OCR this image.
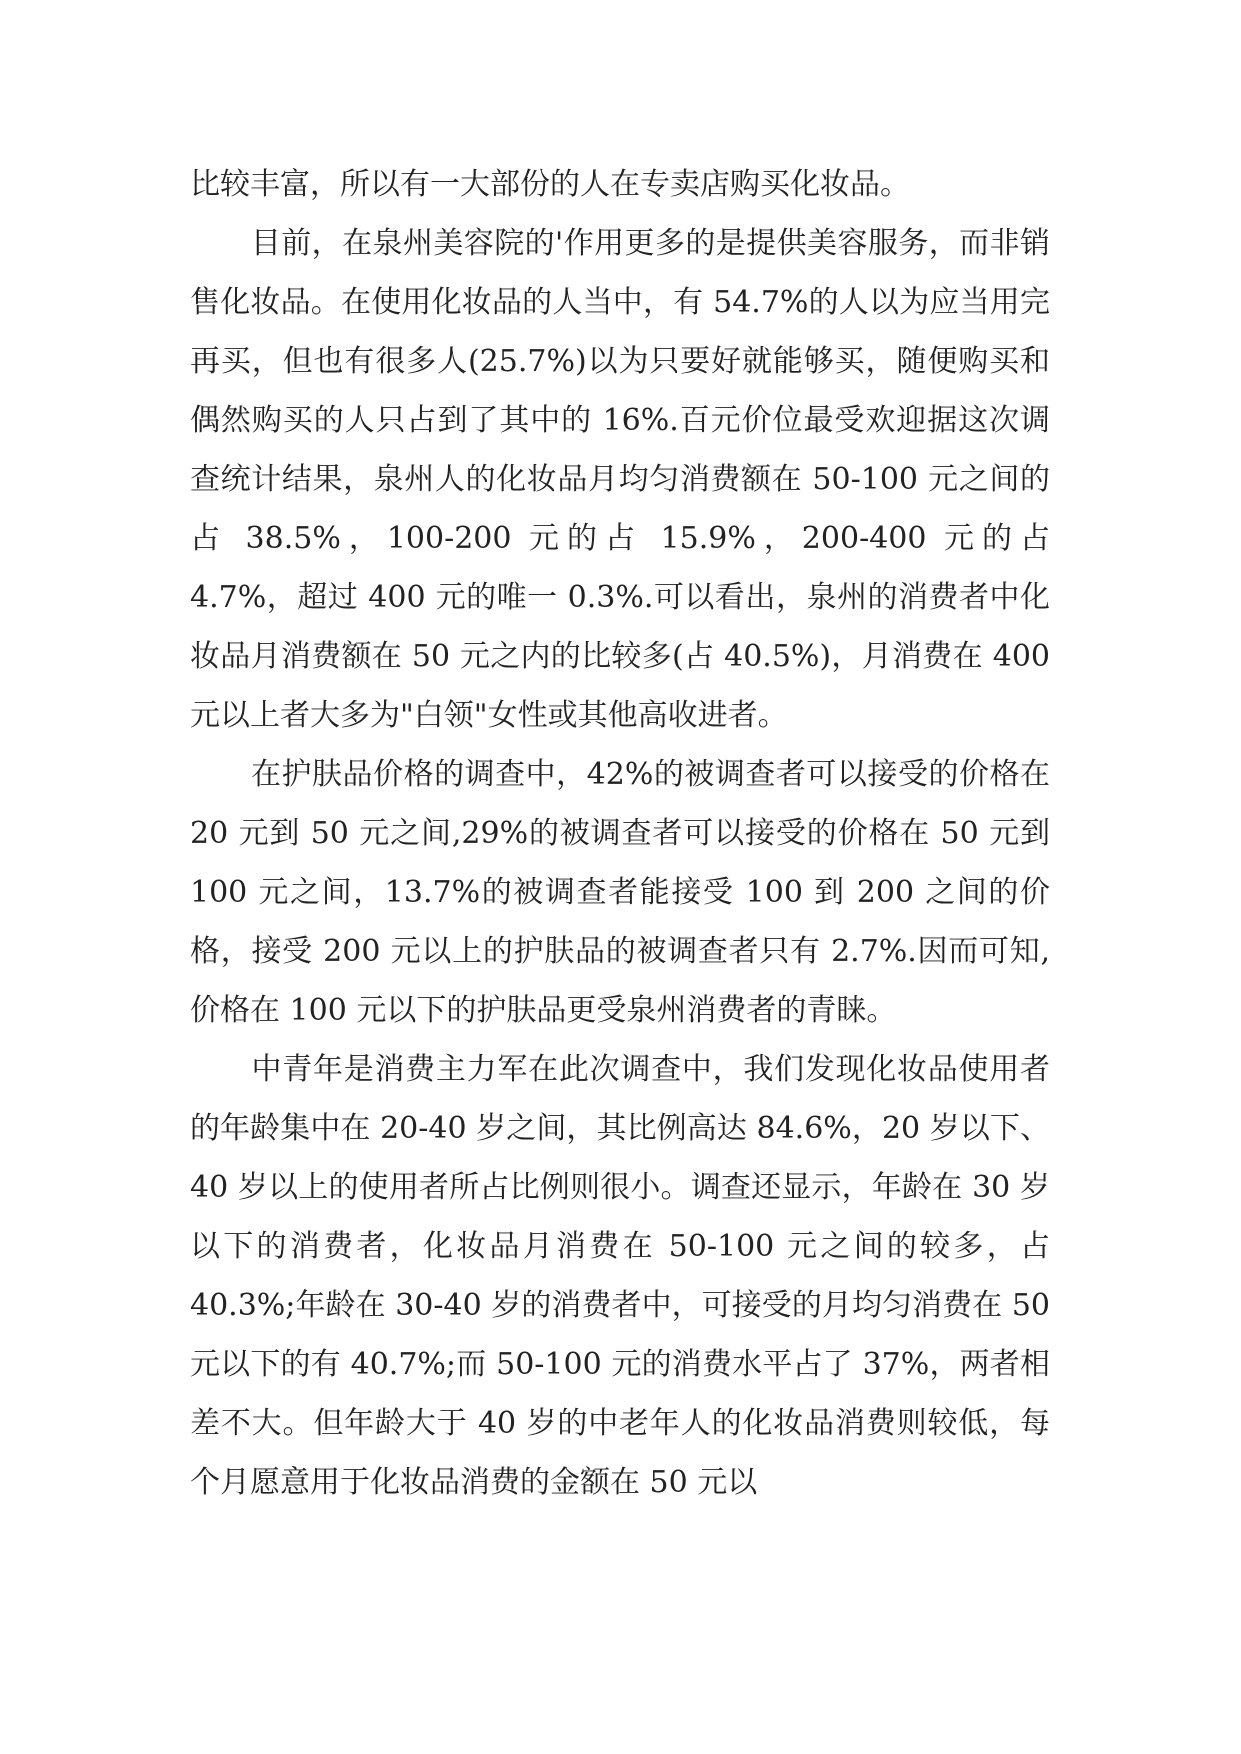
比较丰富，所以有一大部份的人在专卖店购买化妆品。

　　目前，在泉州美容院的'作用更多的是提供美容服务，而非销售化妆品。在使用化妆品的人当中，有 54.7%的人以为应当用完再买，但也有很多人(25.7%)以为只要好就能够买，随便购买和偶然购买的人只占到了其中的 16%.百元价位最受欢迎据这次调查统计结果，泉州人的化妆品月均匀消费额在 50-100 元之间的占 38.5%，100-200 元的占 15.9%，200-400 元的占 4.7%，超过 400 元的唯一 0.3%.可以看出，泉州的消费者中化妆品月消费额在 50 元之内的比较多(占 40.5%)，月消费在 400 元以上者大多为"白领"女性或其他高收进者。

　　在护肤品价格的调查中，42%的被调查者可以接受的价格在 20 元到 50 元之间,29%的被调查者可以接受的价格在 50 元到 100 元之间，13.7%的被调查者能接受 100 到 200 之间的价格，接受 200 元以上的护肤品的被调查者只有 2.7%.因而可知,价格在 100 元以下的护肤品更受泉州消费者的青睐。

　　中青年是消费主力军在此次调查中，我们发现化妆品使用者的年龄集中在 20-40 岁之间，其比例高达 84.6%，20 岁以下、40 岁以上的使用者所占比例则很小。调查还显示，年龄在 30 岁以下的消费者，化妆品月消费在 50-100 元之间的较多，占 40.3%;年龄在 30-40 岁的消费者中，可接受的月均匀消费在 50 元以下的有 40.7%;而 50-100 元的消费水平占了 37%，两者相差不大。但年龄大于 40 岁的中老年人的化妆品消费则较低，每个月愿意用于化妆品消费的金额在 50 元以
